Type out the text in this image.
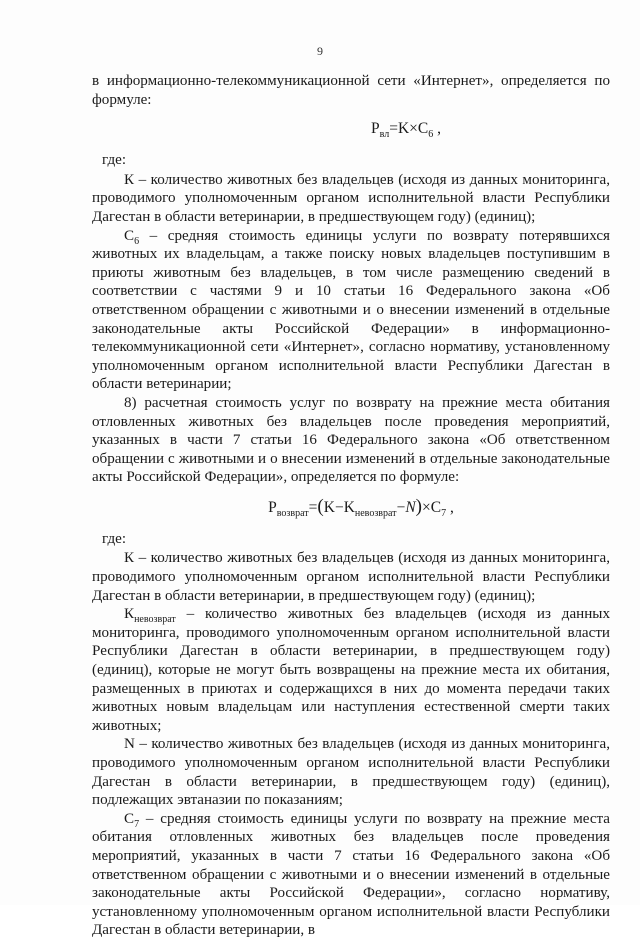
9

в информационно-телекоммуникационной сети «Интернет», определяется по формуле:

$P_{вл}=K\times C_6$ ,

где:

К – количество животных без владельцев (исходя из данных мониторинга, проводимого уполномоченным органом исполнительной власти Республики Дагестан в области ветеринарии, в предшествующем году) (единиц);

$С_6$ – средняя стоимость единицы услуги по возврату потерявшихся животных их владельцам, а также поиску новых владельцев поступившим в приюты животным без владельцев, в том числе размещению сведений в соответствии с частями 9 и 10 статьи 16 Федерального закона «Об ответственном обращении с животными и о внесении изменений в отдельные законодательные акты Российской Федерации» в информационно-телекоммуникационной сети «Интернет», согласно нормативу, установленному уполномоченным органом исполнительной власти Республики Дагестан в области ветеринарии;

8) расчетная стоимость услуг по возврату на прежние места обитания отловленных животных без владельцев после проведения мероприятий, указанных в части 7 статьи 16 Федерального закона «Об ответственном обращении с животными и о внесении изменений в отдельные законодательные акты Российской Федерации», определяется по формуле:

$P_{возврат}=(K-K_{невозврат}-N)\times C_7$ ,

где:

К – количество животных без владельцев (исходя из данных мониторинга, проводимого уполномоченным органом исполнительной власти Республики Дагестан в области ветеринарии, в предшествующем году) (единиц);

$К_{невозврат}$ – количество животных без владельцев (исходя из данных мониторинга, проводимого уполномоченным органом исполнительной власти Республики Дагестан в области ветеринарии, в предшествующем году) (единиц), которые не могут быть возвращены на прежние места их обитания, размещенных в приютах и содержащихся в них до момента передачи таких животных новым владельцам или наступления естественной смерти таких животных;

N – количество животных без владельцев (исходя из данных мониторинга, проводимого уполномоченным органом исполнительной власти Республики Дагестан в области ветеринарии, в предшествующем году) (единиц), подлежащих эвтаназии по показаниям;

$С_7$ – средняя стоимость единицы услуги по возврату на прежние места обитания отловленных животных без владельцев после проведения мероприятий, указанных в части 7 статьи 16 Федерального закона «Об ответственном обращении с животными и о внесении изменений в отдельные законодательные акты Российской Федерации», согласно нормативу, установленному уполномоченным органом исполнительной власти Республики Дагестан в области ветеринарии, в
